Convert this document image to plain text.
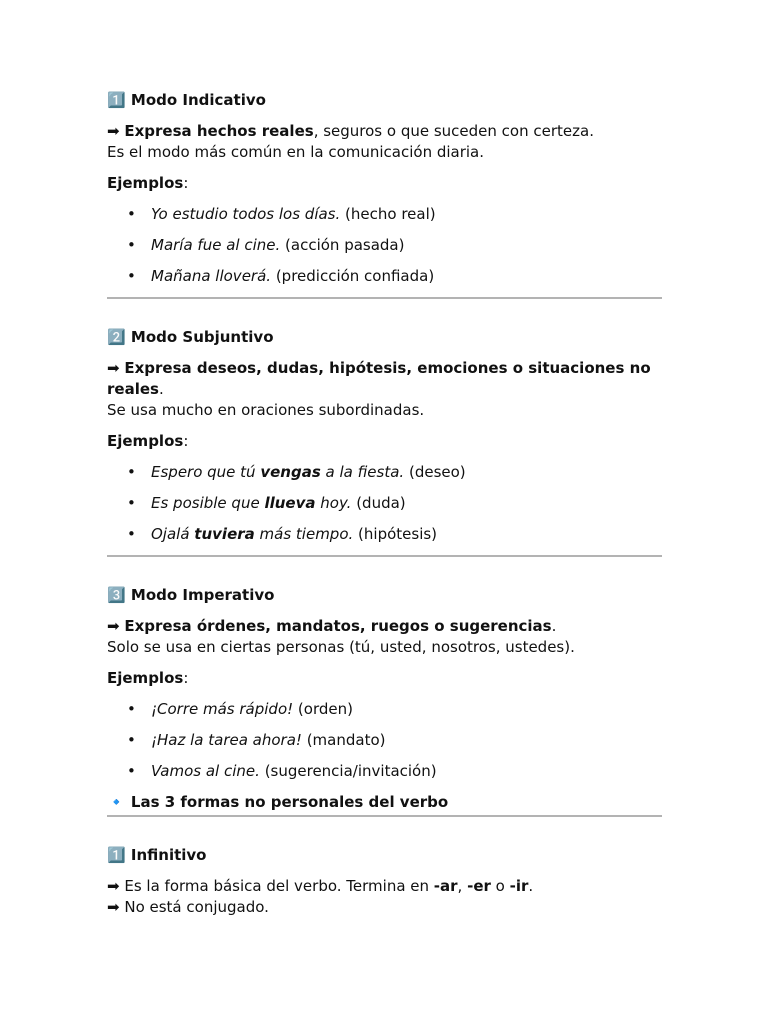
1️⃣ Modo Indicativo
➡ Expresa hechos reales, seguros o que suceden con certeza.
Es el modo más común en la comunicación diaria.
Ejemplos:
• Yo estudio todos los días. (hecho real)
• María fue al cine. (acción pasada)
• Mañana lloverá. (predicción confiada)
2️⃣ Modo Subjuntivo
➡ Expresa deseos, dudas, hipótesis, emociones o situaciones no reales.
Se usa mucho en oraciones subordinadas.
Ejemplos:
• Espero que tú vengas a la fiesta. (deseo)
• Es posible que llueva hoy. (duda)
• Ojalá tuviera más tiempo. (hipótesis)
3️⃣ Modo Imperativo
➡ Expresa órdenes, mandatos, ruegos o sugerencias.
Solo se usa en ciertas personas (tú, usted, nosotros, ustedes).
Ejemplos:
• ¡Corre más rápido! (orden)
• ¡Haz la tarea ahora! (mandato)
• Vamos al cine. (sugerencia/invitación)
🔹 Las 3 formas no personales del verbo
1️⃣ Infinitivo
➡ Es la forma básica del verbo. Termina en -ar, -er o -ir.
➡ No está conjugado.
